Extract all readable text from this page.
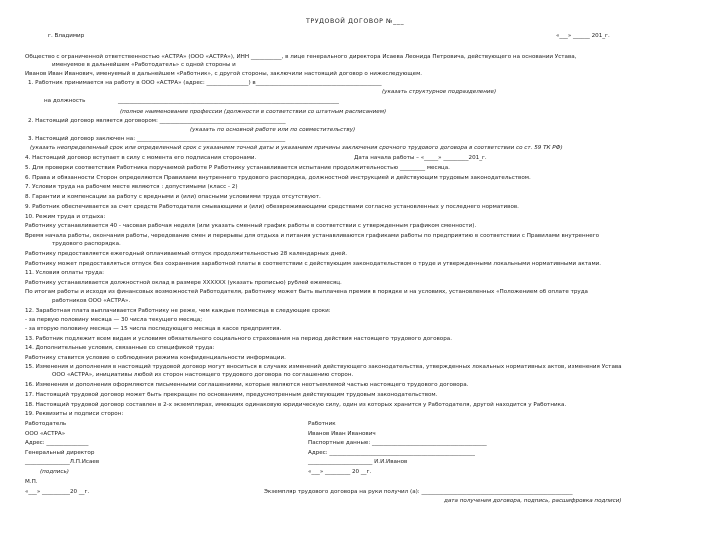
ТРУДОВОЙ ДОГОВОР №___
г. Владимир	«___» ______ 201_г.
Общество с ограниченной ответственностью «АСТРА» (ООО «АСТРА»), ИНН ___________, в лице генерального директора Исаева Леонида Петровича, действующего на основании Устава,
именуемое в дальнейшем «Работодатель» с одной стороны и
Иванов Иван Иванович, именуемый в дальнейшем «Работник», с другой стороны, заключили настоящий договор о нижеследующем.
1. Работник принимается на работу в ООО «АСТРА» (адрес: _______________) в_____________________________________________
(указать структурное подразделение)
на должность	_______________________________________________________________________________
(полное наименование профессии (должности в соответствии со штатным расписанием)
2. Настоящий договор является договором: _____________________________________________
(указать по основной работе или по совместительству)
3. Настоящий договор заключен на: _____________________________________________________
(указать неопределенный срок или определенный срок с указанием точной даты и указанием причины заключения срочного трудового договора в соответствии со ст. 59 ТК РФ)
4. Настоящий договор вступает в силу с момента его подписания сторонами.	Дата начала работы – «_____» _________201_г.
5. Для проверки соответствия Работника поручаемой работе Р Работнику устанавливается испытание продолжительностью _________ месяца.
6. Права и обязанности Сторон определяются Правилами внутреннего трудового распорядка, должностной инструкцией и действующим трудовым законодательством.
7. Условия труда на рабочем месте являются : допустимыми (класс - 2)
8. Гарантии и компенсации за работу с вредными и (или) опасными условиями труда отсутствуют.
9. Работник обеспечивается за счет средств Работодателя смывающими и (или) обезвреживающими средствами согласно установленных у последнего нормативов.
10. Режим труда и отдыха:
Работнику устанавливается 40 - часовая рабочая неделя (или указать сменный график работы в соответствии с утвержденным графиком сменности).
Время начала работы, окончания работы, чередование смен и перерывы для отдыха и питания устанавливаются графиками работы по предприятию в соответствии с Правилами внутреннего
трудового распорядка.
Работнику предоставляется ежегодный оплачиваемый отпуск продолжительностью 28 календарных дней.
Работнику может предоставляться отпуск без сохранения заработной платы в соответствии с действующим законодательством о труде и утвержденными локальными нормативными актами.
11. Условия оплаты труда:
Работнику устанавливается должностной оклад в размере XXXXXX (указать прописью) рублей ежемесяц.
По итогам работы и исходя из финансовых возможностей Работодателя, работнику может быть выплачена премия в порядке и на условиях, установленных «Положением об оплате труда
работников ООО «АСТРА».
12. Заработная плата выплачивается Работнику не реже, чем каждые полмесяца в следующие сроки:
- за первую половину месяца — 30 числа текущего месяца;
- за вторую половину месяца — 15 числа последующего месяца в кассе предприятия.
13. Работник подлежит всем видам и условиям обязательного социального страхования на период действия настоящего трудового договора.
14. Дополнительные условия, связанные со спецификой труда:
Работнику ставится условие о соблюдении режима конфиденциальности информации.
15. Изменения и дополнения в настоящий трудовой договор могут вноситься в случаях изменений действующего законодательства, утвержденных локальных нормативных актов, изменения Устава
ООО «АСТРА», инициативы любой из сторон настоящего трудового договора по соглашению сторон.
16. Изменения и дополнения оформляются письменными соглашениями, которые являются неотъемлемой частью настоящего трудового договора.
17. Настоящий трудовой договор может быть прекращен по основаниям, предусмотренным действующим трудовым законодательством.
18. Настоящий трудовой договор составлен в 2-х экземплярах, имеющих одинаковую юридическую силу, один из которых хранится у Работодателя, другой находится у Работника.
19. Реквизиты и подписи сторон:
Работодатель
ООО «АСТРА»
Адрес: _______________
Генеральный директор
________________Л.П.Исаев
(подпись)
М.П.
«___» __________20 __г.
Работник
Иванов Иван Иванович
Паспортные данные: _________________________________________
Адрес: ____________________________________________________
_______________________ И.И.Иванов
«___» _________ 20 __г.
Экземпляр трудового договора на руки получил (а): ______________________________________________________
дата получения договора, подпись, расшифровка подписи)
